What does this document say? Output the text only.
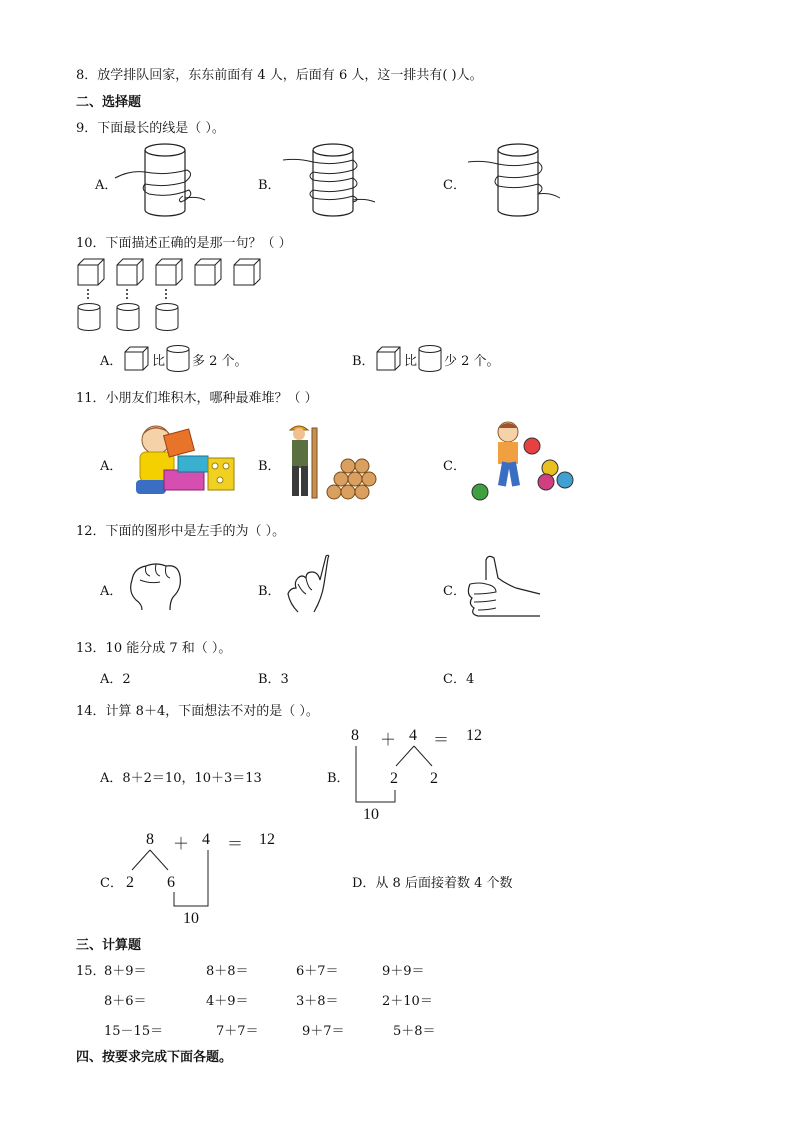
8．放学排队回家，东东前面有 4 人，后面有 6 人，这一排共有( )人。
二、选择题
9．下面最长的线是（ ）。
A．	B．	C．
10．下面描述正确的是那一句？（ ）
A． 比 多 2 个。	B． 比 少 2 个。
11．小朋友们堆积木，哪种最难堆？（ ）
A．	B．	C．
12．下面的图形中是左手的为（ ）。
A．	B．	C．
13．10 能分成 7 和（ ）。
A．2	B．3	C．4
14．计算 8＋4，下面想法不对的是（ ）。
A．8＋2＝10，10＋3＝13	B．
8 ＋ 4 ＝ 12
2 2
10
C．
8 ＋ 4 ＝ 12
2 6
10
D．从 8 后面接着数 4 个数
三、计算题
15．
8＋9＝	8＋8＝	6＋7＝	9＋9＝
8＋6＝	4＋9＝	3＋8＝	2＋10＝
15－15＝	7＋7＝	9＋7＝	5＋8＝
四、按要求完成下面各题。
